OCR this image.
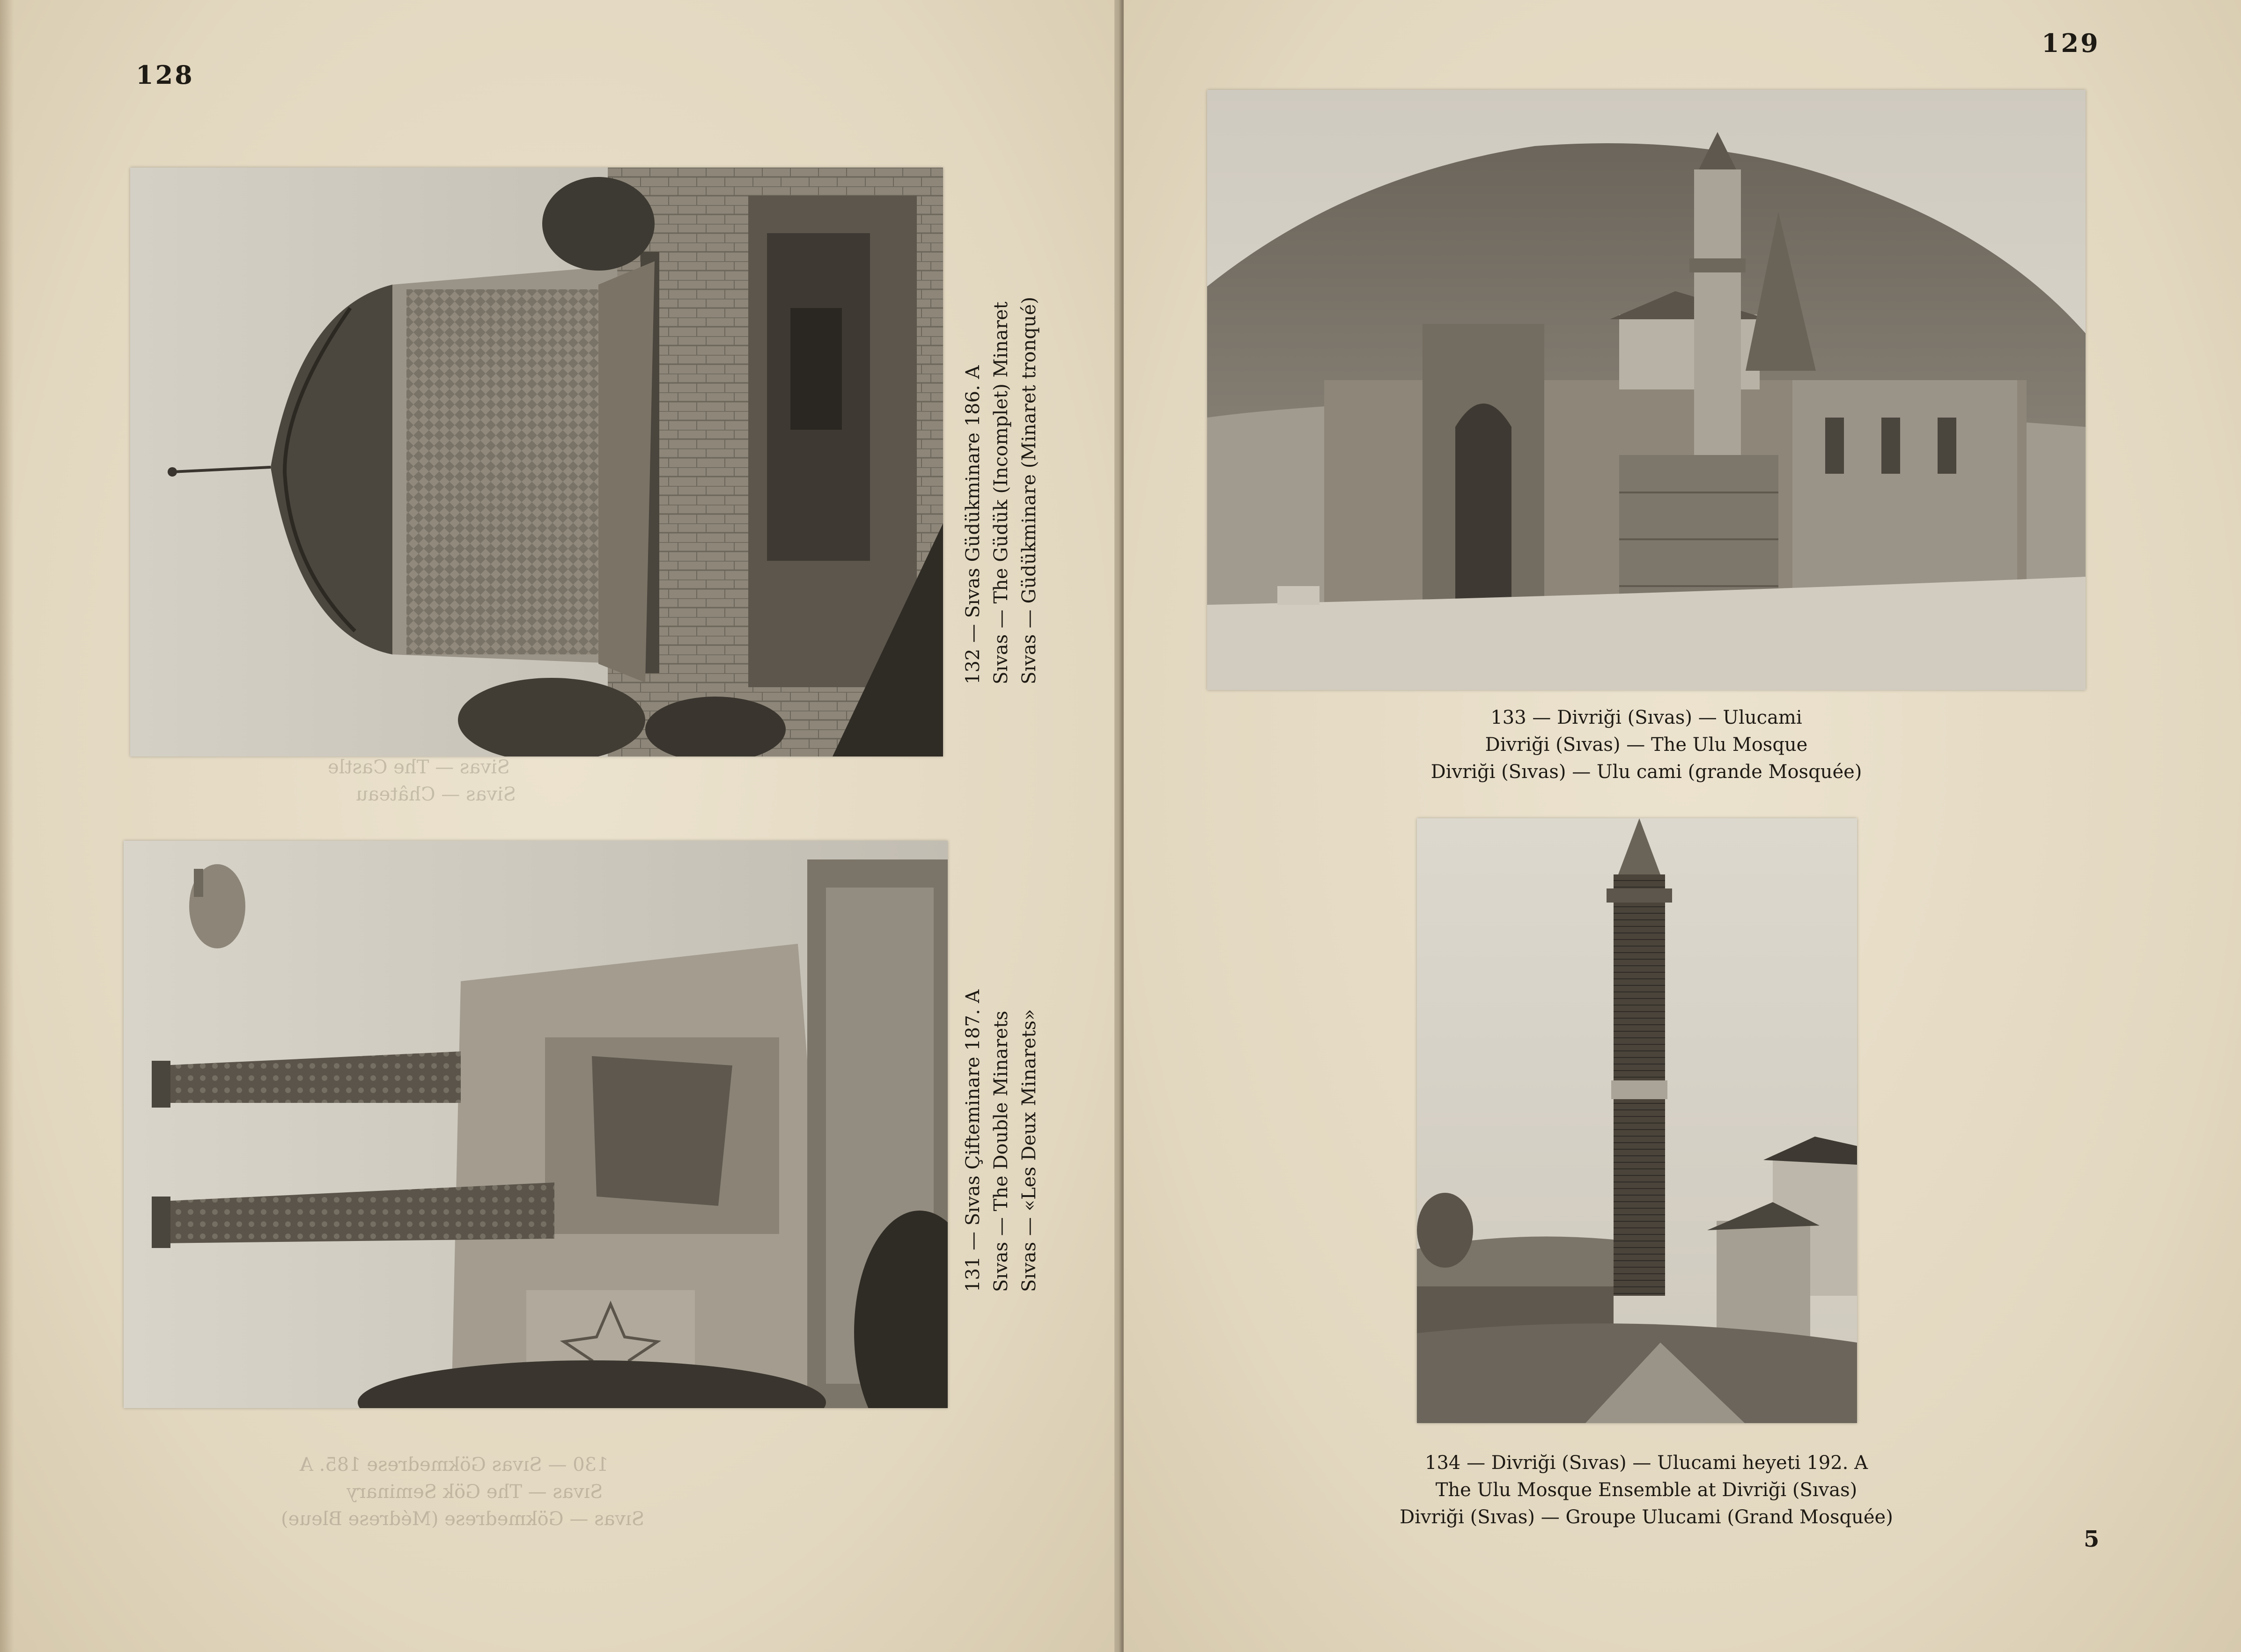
128
Sivas — The Castle
Sivas — Château
130 — Sıvas Gökmedrese 185. A
Sıvas — The Gök Seminary
Sıvas — Gökmedrese (Médrese Bleue)
132 — Sıvas Güdükminare 186. A Sıvas — The Güdük (Incomplet) Minaret Sıvas — Güdükminare (Minaret tronqué)
131 — Sıvas Çifteminare 187. A Sıvas — The Double Minarets Sıvas — «Les Deux Minarets»
129
133 — Divriği (Sıvas) — Ulucami
Divriği (Sıvas) — The Ulu Mosque
Divriği (Sıvas) — Ulu cami (grande Mosquée)
134 — Divriği (Sıvas) — Ulucami heyeti 192. A
The Ulu Mosque Ensemble at Divriği (Sıvas)
Divriği (Sıvas) — Groupe Ulucami (Grand Mosquée)
5
